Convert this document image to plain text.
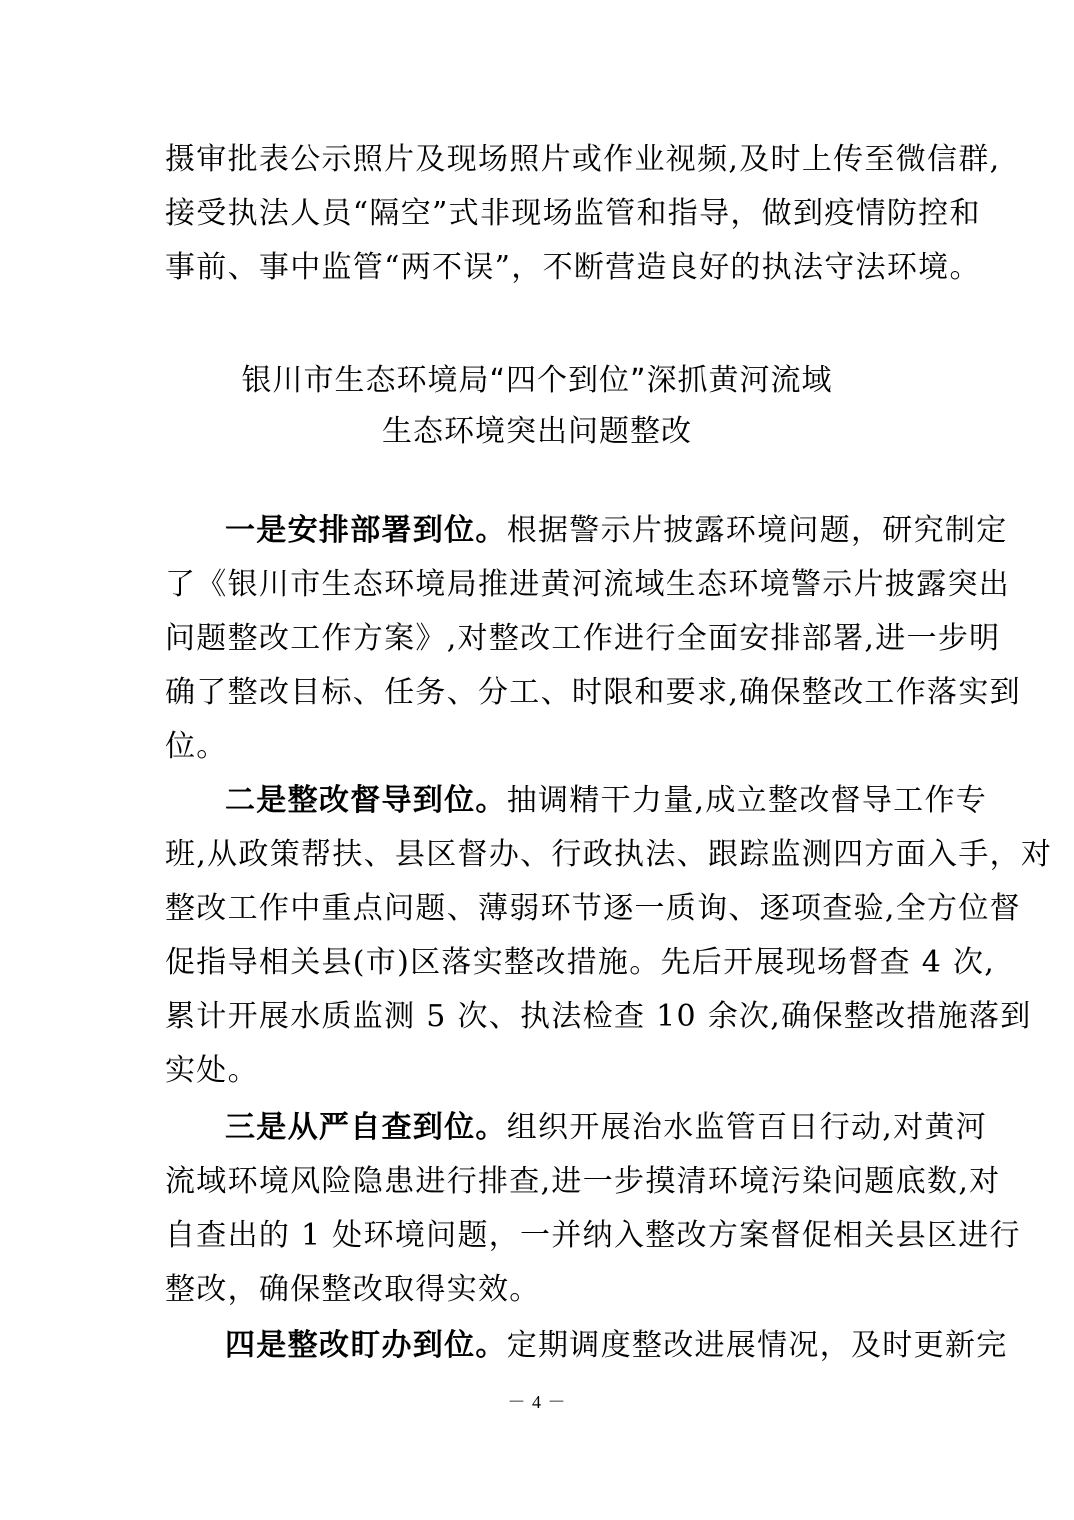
摄审批表公示照片及现场照片或作业视频,及时上传至微信群,
接受执法人员“隔空”式非现场监管和指导，做到疫情防控和
事前、事中监管“两不误”，不断营造良好的执法守法环境。
银川市生态环境局“四个到位”深抓黄河流域
生态环境突出问题整改
一是安排部署到位。根据警示片披露环境问题，研究制定
了《银川市生态环境局推进黄河流域生态环境警示片披露突出
问题整改工作方案》,对整改工作进行全面安排部署,进一步明
确了整改目标、任务、分工、时限和要求,确保整改工作落实到
位。
二是整改督导到位。抽调精干力量,成立整改督导工作专
班,从政策帮扶、县区督办、行政执法、跟踪监测四方面入手，对
整改工作中重点问题、薄弱环节逐一质询、逐项查验,全方位督
促指导相关县(市)区落实整改措施。先后开展现场督查 4 次,
累计开展水质监测 5 次、执法检查 10 余次,确保整改措施落到
实处。
三是从严自查到位。组织开展治水监管百日行动,对黄河
流域环境风险隐患进行排查,进一步摸清环境污染问题底数,对
自查出的 1 处环境问题，一并纳入整改方案督促相关县区进行
整改，确保整改取得实效。
四是整改盯办到位。定期调度整改进展情况，及时更新完
－ 4 －
